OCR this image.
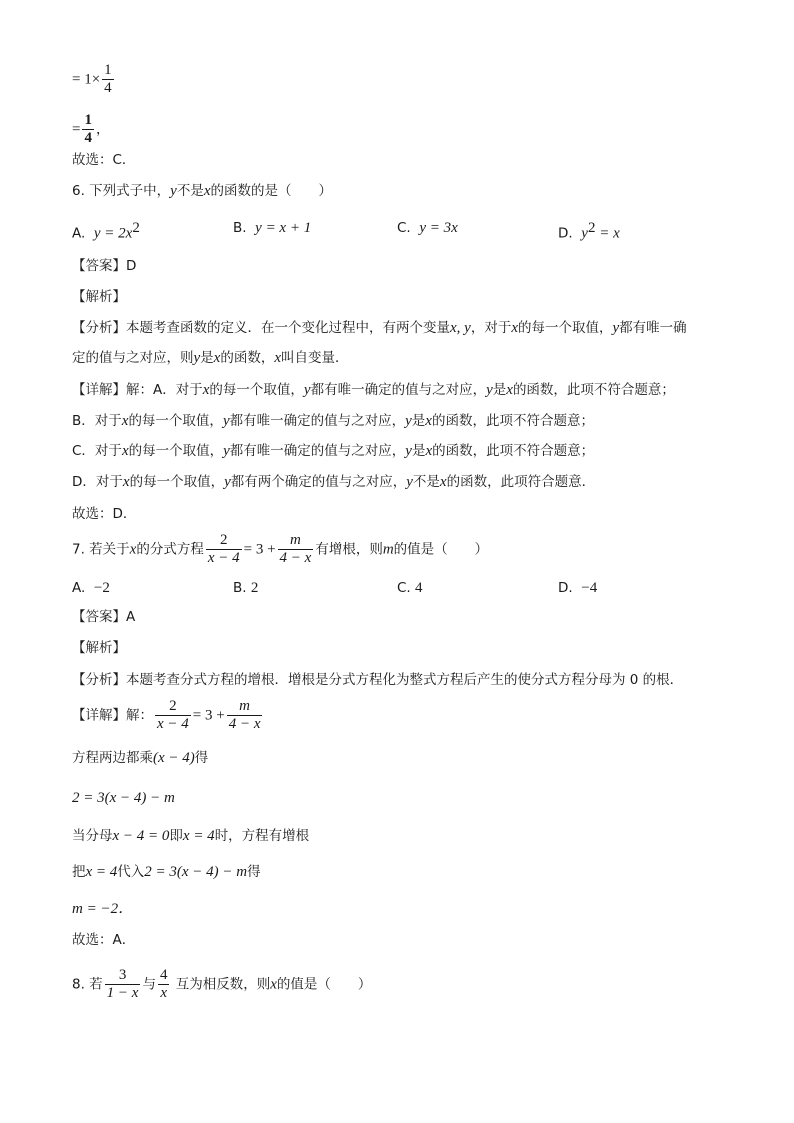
= $1\times \frac{1}{4}$
= $\frac{1}{4}$ ，
故选：C．
6. 下列式子中，y不是x的函数的是（　　）
A. $y = 2x^2$	B. y = x + 1	C. y = 3x	D. $y^2 = x$
【答案】D
【解析】
【分析】本题考查函数的定义．在一个变化过程中，有两个变量x, y，对于x的每一个取值，y都有唯一确
定的值与之对应，则y是x的函数，x叫自变量．
【详解】解：A．对于x的每一个取值，y都有唯一确定的值与之对应，y是x的函数，此项不符合题意；
B．对于x的每一个取值，y都有唯一确定的值与之对应，y是x的函数，此项不符合题意；
C．对于x的每一个取值，y都有唯一确定的值与之对应，y是x的函数，此项不符合题意；
D．对于x的每一个取值，y都有两个确定的值与之对应，y不是x的函数，此项符合题意．
故选：D．
7. 若关于x的分式方程 $\frac{2}{x - 4} = 3 + \frac{m}{4 - x}$ 有增根，则m的值是（　　）
A. −2	B. 2	C. 4	D. −4
【答案】A
【解析】
【分析】本题考查分式方程的增根．增根是分式方程化为整式方程后产生的使分式方程分母为 0 的根．
【详解】解： $\frac{2}{x - 4} = 3 + \frac{m}{4 - x}$
方程两边都乘(x − 4)得
2 = 3(x − 4) − m
当分母x − 4 = 0即x = 4时，方程有增根
把x = 4代入2 = 3(x − 4) − m得
m = −2．
故选：A．
8. 若 $\frac{3}{1 - x}$ 与 $\frac{4}{x}$ 互为相反数，则x的值是（　　）
